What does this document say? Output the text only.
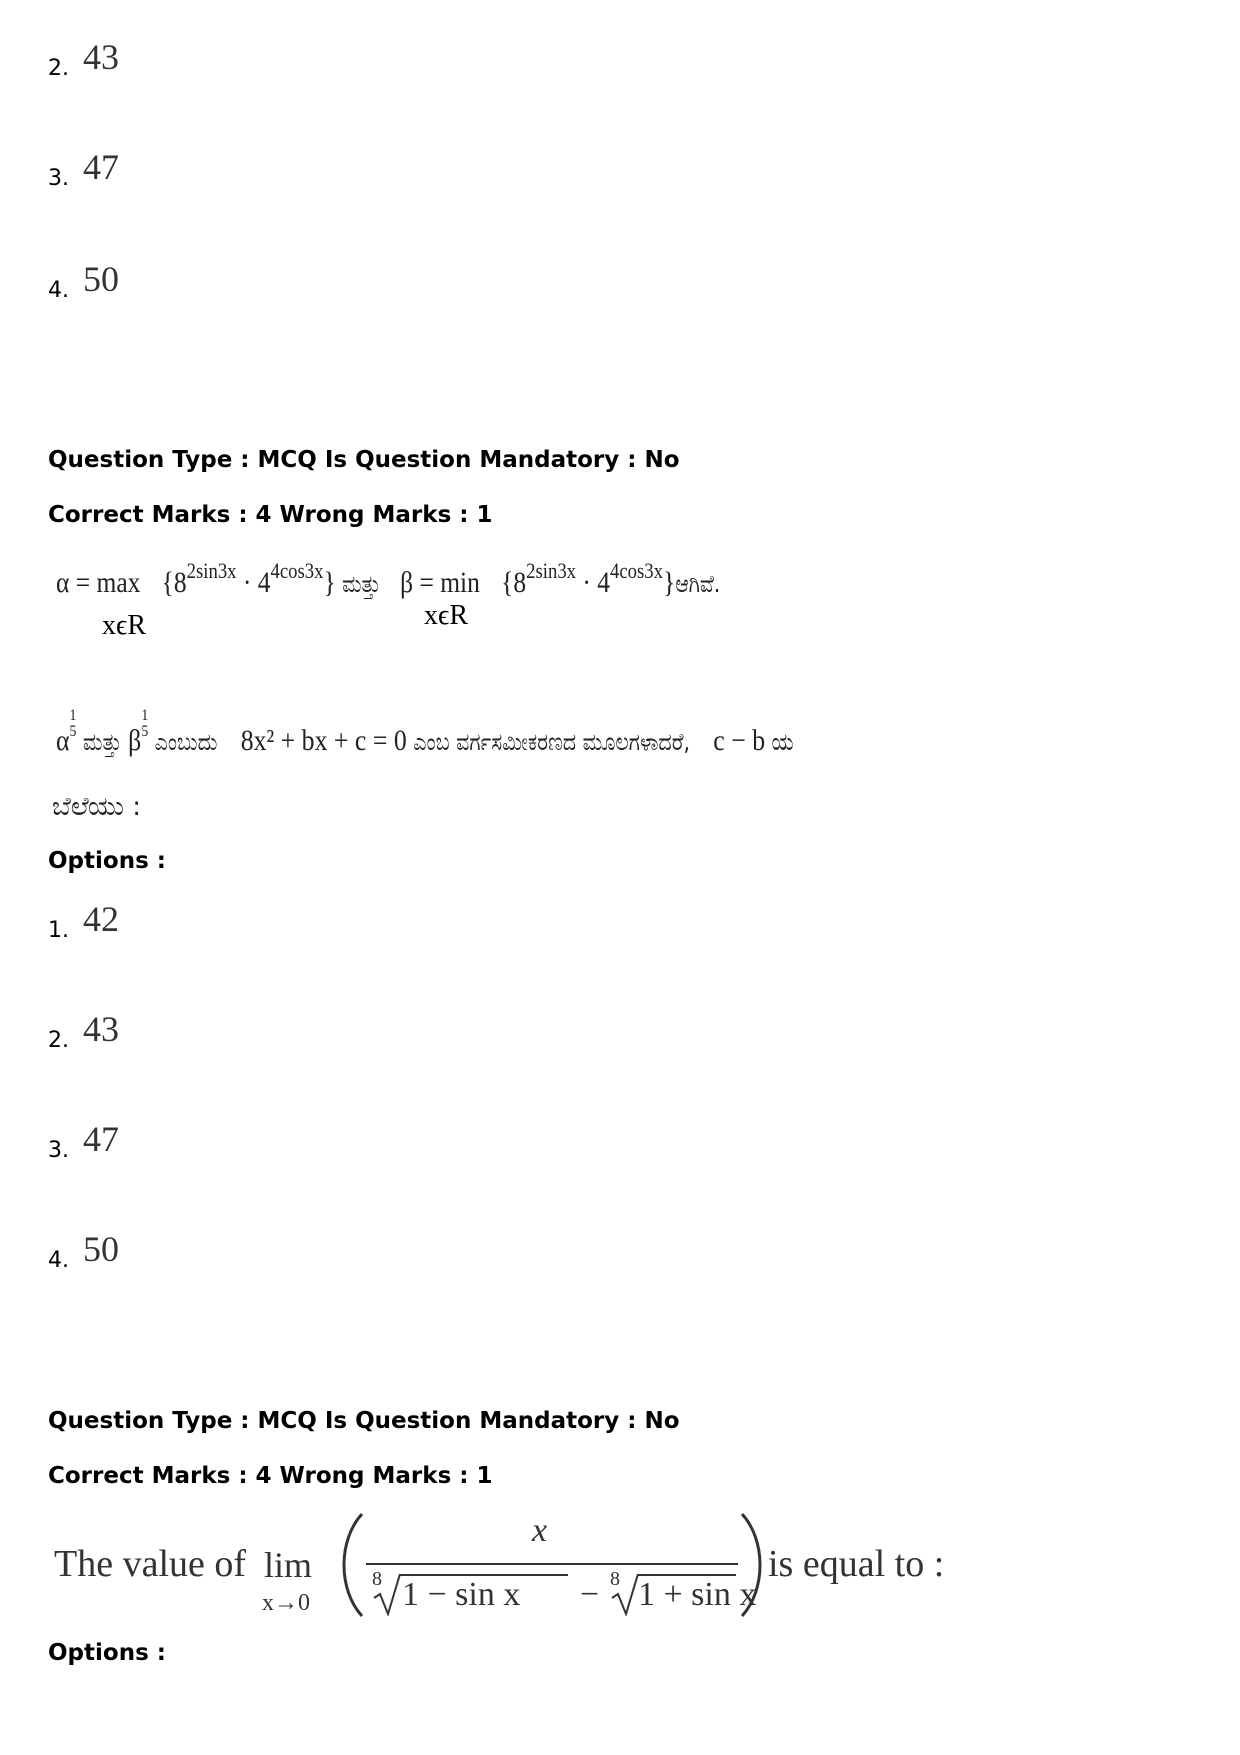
2. 43
3. 47
4. 50
Question Type : MCQ Is Question Mandatory : No
Correct Marks : 4 Wrong Marks : 1
$\alpha = \max \{8^{2sin3x} \cdot 4^{4cos3x}\}$ ಮತ್ತು $\beta = \min \{8^{2sin3x}$ · $4^{4cos3x}\}ಆಗಿವೆ$.
xϵR	xϵR
α1
5 ಮತ್ತು β1
5 ಎಂಬುದು 8x² + bx + c = 0 ಎಂಬ ವರ್ಗಸಮೀಕರಣದ ಮೂಲಗಳಾದರೆ, c − b ಯ
ಬೆಲೆಯು :
Options :
1. 42
2. 43
3. 47
4. 50
Question Type : MCQ Is Question Mandatory : No
Correct Marks : 4 Wrong Marks : 1
The value of lim
x→0
x
8 1 − sin x − 8 1 + sin x
is equal to :
Options :
